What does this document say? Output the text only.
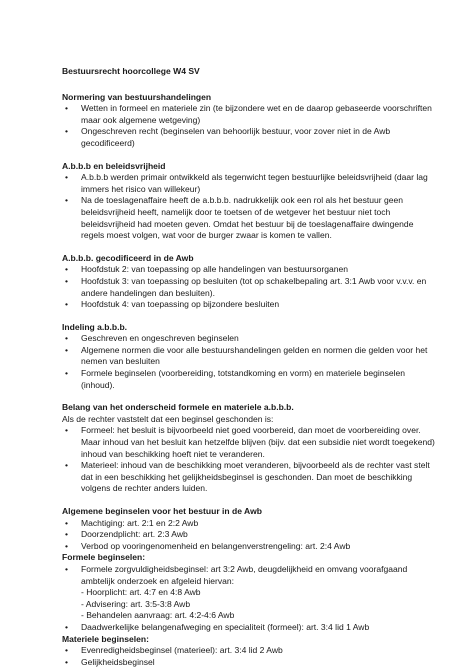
Bestuursrecht hoorcollege W4 SV
Normering van bestuurshandelingen
• Wetten in formeel en materiele zin (te bijzondere wet en de daarop gebaseerde voorschriften maar ook algemene wetgeving)
• Ongeschreven recht (beginselen van behoorlijk bestuur, voor zover niet in de Awb gecodificeerd)
A.b.b.b en beleidsvrijheid
• A.b.b.b werden primair ontwikkeld als tegenwicht tegen bestuurlijke beleidsvrijheid (daar lag immers het risico van willekeur)
• Na de toeslagenaffaire heeft de a.b.b.b. nadrukkelijk ook een rol als het bestuur geen beleidsvrijheid heeft, namelijk door te toetsen of de wetgever het bestuur niet toch beleidsvrijheid had moeten geven. Omdat het bestuur bij de toeslagenaffaire dwingende regels moest volgen, wat voor de burger zwaar is komen te vallen.
A.b.b.b. gecodificeerd in de Awb
• Hoofdstuk 2: van toepassing op alle handelingen van bestuursorganen
• Hoofdstuk 3: van toepassing op besluiten (tot op schakelbepaling art. 3:1 Awb voor v.v.v. en andere handelingen dan besluiten).
• Hoofdstuk 4: van toepassing op bijzondere besluiten
Indeling a.b.b.b.
• Geschreven en ongeschreven beginselen
• Algemene normen die voor alle bestuurshandelingen gelden en normen die gelden voor het nemen van besluiten
• Formele beginselen (voorbereiding, totstandkoming en vorm) en materiele beginselen (inhoud).
Belang van het onderscheid formele en materiele a.b.b.b.
Als de rechter vaststelt dat een beginsel geschonden is:
• Formeel: het besluit is bijvoorbeeld niet goed voorbereid, dan moet de voorbereiding over. Maar inhoud van het besluit kan hetzelfde blijven (bijv. dat een subsidie niet wordt toegekend) inhoud van beschikking hoeft niet te veranderen.
• Materieel: inhoud van de beschikking moet veranderen, bijvoorbeeld als de rechter vast stelt dat in een beschikking het gelijkheidsbeginsel is geschonden. Dan moet de beschikking volgens de rechter anders luiden.
Algemene beginselen voor het bestuur in de Awb
• Machtiging: art. 2:1 en 2:2 Awb
• Doorzendplicht: art. 2:3 Awb
• Verbod op vooringenomenheid en belangenverstrengeling: art. 2:4 Awb
Formele beginselen:
• Formele zorgvuldigheidsbeginsel: art 3:2 Awb, deugdelijkheid en omvang voorafgaand ambtelijk onderzoek en afgeleid hiervan:
- Hoorplicht: art. 4:7 en 4:8 Awb
- Advisering: art. 3:5-3:8 Awb
- Behandelen aanvraag: art. 4:2-4:6 Awb
• Daadwerkelijke belangenafweging en specialiteit (formeel): art. 3:4 lid 1 Awb
Materiele beginselen:
• Evenredigheidsbeginsel (materieel): art. 3:4 lid 2 Awb
• Gelijkheidsbeginsel
